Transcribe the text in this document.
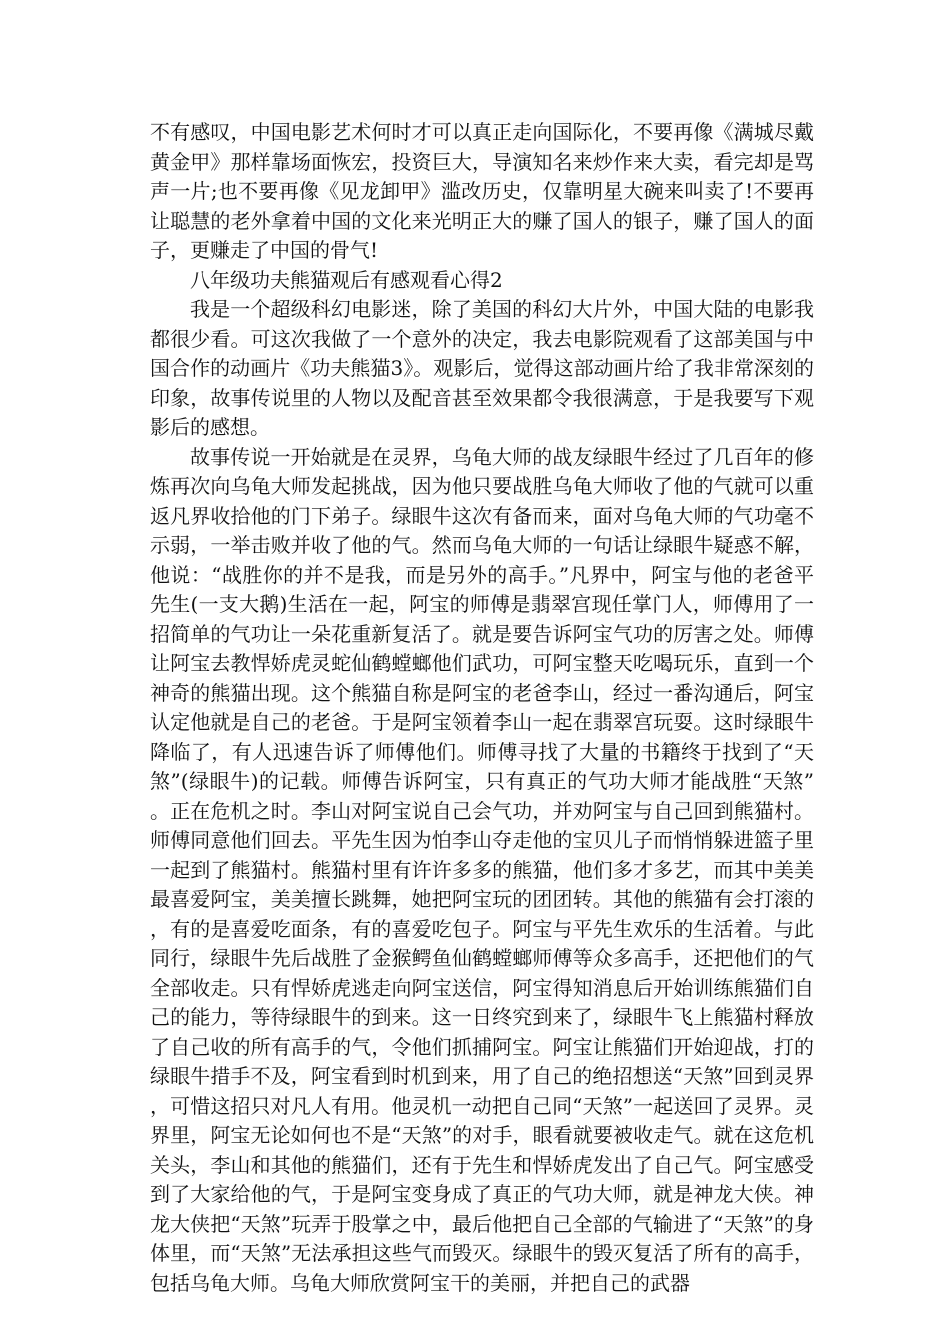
不有感叹，中国电影艺术何时才可以真正走向国际化，不要再像《满城尽戴黄金甲》那样靠场面恢宏，投资巨大，导演知名来炒作来大卖，看完却是骂声一片;也不要再像《见龙卸甲》滥改历史，仅靠明星大碗来叫卖了!不要再让聪慧的老外拿着中国的文化来光明正大的赚了国人的银子，赚了国人的面子，更赚走了中国的骨气!

八年级功夫熊猫观后有感观看心得2

我是一个超级科幻电影迷，除了美国的科幻大片外，中国大陆的电影我都很少看。可这次我做了一个意外的决定，我去电影院观看了这部美国与中国合作的动画片《功夫熊猫3》。观影后，觉得这部动画片给了我非常深刻的印象，故事传说里的人物以及配音甚至效果都令我很满意，于是我要写下观影后的感想。

故事传说一开始就是在灵界，乌龟大师的战友绿眼牛经过了几百年的修炼再次向乌龟大师发起挑战，因为他只要战胜乌龟大师收了他的气就可以重返凡界收拾他的门下弟子。绿眼牛这次有备而来，面对乌龟大师的气功毫不示弱，一举击败并收了他的气。然而乌龟大师的一句话让绿眼牛疑惑不解，他说：“战胜你的并不是我，而是另外的高手。”凡界中，阿宝与他的老爸平先生(一支大鹅)生活在一起，阿宝的师傅是翡翠宫现任掌门人，师傅用了一招简单的气功让一朵花重新复活了。就是要告诉阿宝气功的厉害之处。师傅让阿宝去教悍娇虎灵蛇仙鹤螳螂他们武功，可阿宝整天吃喝玩乐，直到一个神奇的熊猫出现。这个熊猫自称是阿宝的老爸李山，经过一番沟通后，阿宝认定他就是自己的老爸。于是阿宝领着李山一起在翡翠宫玩耍。这时绿眼牛降临了，有人迅速告诉了师傅他们。师傅寻找了大量的书籍终于找到了“天煞”(绿眼牛)的记载。师傅告诉阿宝，只有真正的气功大师才能战胜“天煞”。正在危机之时。李山对阿宝说自己会气功，并劝阿宝与自己回到熊猫村。师傅同意他们回去。平先生因为怕李山夺走他的宝贝儿子而悄悄躲进篮子里一起到了熊猫村。熊猫村里有许许多多的熊猫，他们多才多艺，而其中美美最喜爱阿宝，美美擅长跳舞，她把阿宝玩的团团转。其他的熊猫有会打滚的，有的是喜爱吃面条，有的喜爱吃包子。阿宝与平先生欢乐的生活着。与此同行，绿眼牛先后战胜了金猴鳄鱼仙鹤螳螂师傅等众多高手，还把他们的气全部收走。只有悍娇虎逃走向阿宝送信，阿宝得知消息后开始训练熊猫们自己的能力，等待绿眼牛的到来。这一日终究到来了，绿眼牛飞上熊猫村释放了自己收的所有高手的气，令他们抓捕阿宝。阿宝让熊猫们开始迎战，打的绿眼牛措手不及，阿宝看到时机到来，用了自己的绝招想送“天煞”回到灵界，可惜这招只对凡人有用。他灵机一动把自己同“天煞”一起送回了灵界。灵界里，阿宝无论如何也不是“天煞”的对手，眼看就要被收走气。就在这危机关头，李山和其他的熊猫们，还有于先生和悍娇虎发出了自己气。阿宝感受到了大家给他的气，于是阿宝变身成了真正的气功大师，就是神龙大侠。神龙大侠把“天煞”玩弄于股掌之中，最后他把自己全部的气输进了“天煞”的身体里，而“天煞”无法承担这些气而毁灭。绿眼牛的毁灭复活了所有的高手，包括乌龟大师。乌龟大师欣赏阿宝干的美丽，并把自己的武器
